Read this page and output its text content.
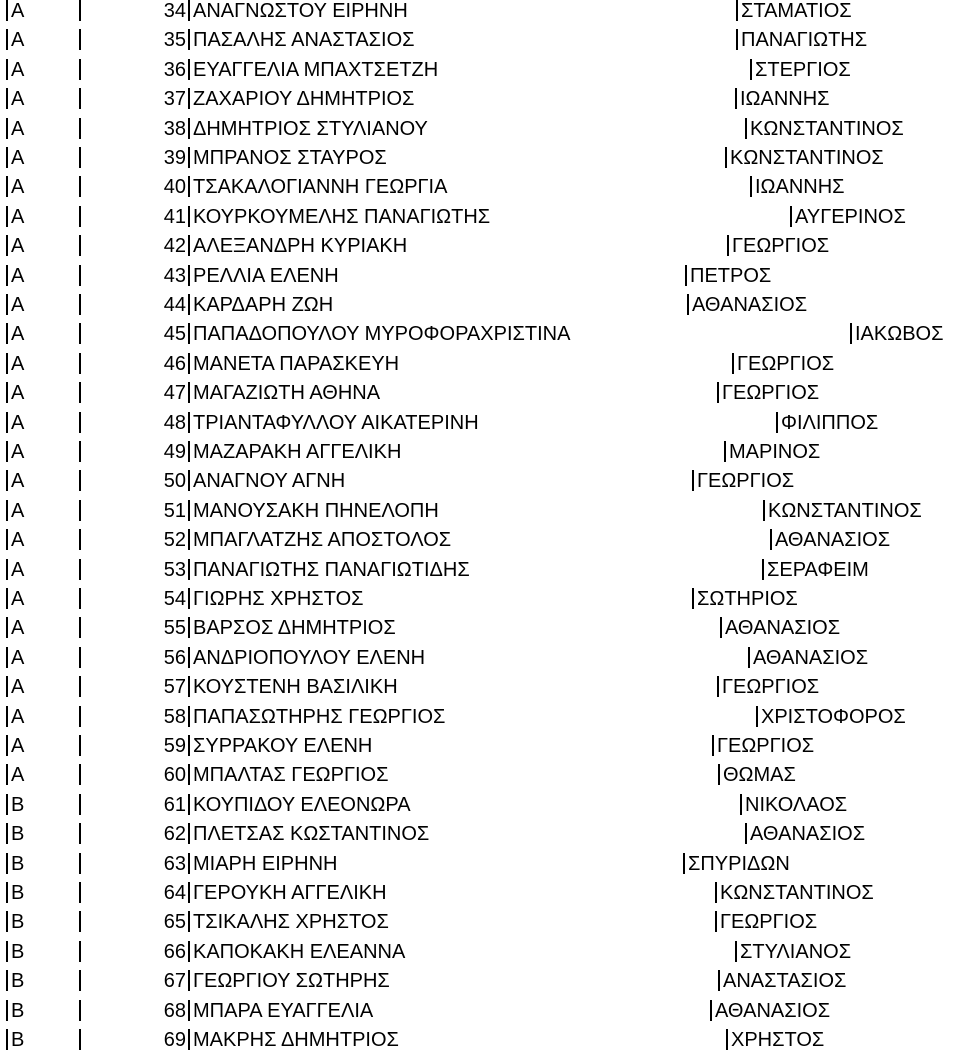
Α	34 ΑΝΑΓΝΩΣΤΟΥ ΕΙΡΗΝΗ	ΣΤΑΜΑΤΙΟΣ
Α	35 ΠΑΣΑΛΗΣ ΑΝΑΣΤΑΣΙΟΣ	ΠΑΝΑΓΙΩΤΗΣ
Α	36 ΕΥΑΓΓΕΛΙΑ ΜΠΑΧΤΣΕΤΖΗ	ΣΤΕΡΓΙΟΣ
Α	37 ΖΑΧΑΡΙΟΥ ΔΗΜΗΤΡΙΟΣ	ΙΩΑΝΝΗΣ
Α	38 ΔΗΜΗΤΡΙΟΣ ΣΤΥΛΙΑΝΟΥ	ΚΩΝΣΤΑΝΤΙΝΟΣ
Α	39 ΜΠΡΑΝΟΣ ΣΤΑΥΡΟΣ	ΚΩΝΣΤΑΝΤΙΝΟΣ
Α	40 ΤΣΑΚΑΛΟΓΙΑΝΝΗ ΓΕΩΡΓΙΑ	ΙΩΑΝΝΗΣ
Α	41 ΚΟΥΡΚΟΥΜΕΛΗΣ ΠΑΝΑΓΙΩΤΗΣ	ΑΥΓΕΡΙΝΟΣ
Α	42 ΑΛΕΞΑΝΔΡΗ ΚΥΡΙΑΚΗ	ΓΕΩΡΓΙΟΣ
Α	43 ΡΕΛΛΙΑ ΕΛΕΝΗ	ΠΕΤΡΟΣ
Α	44 ΚΑΡΔΑΡΗ ΖΩΗ	ΑΘΑΝΑΣΙΟΣ
Α	45 ΠΑΠΑΔΟΠΟΥΛΟΥ ΜΥΡΟΦΟΡΑΧΡΙΣΤΙΝΑ	ΙΑΚΩΒΟΣ
Α	46 ΜΑΝΕΤΑ ΠΑΡΑΣΚΕΥΗ	ΓΕΩΡΓΙΟΣ
Α	47 ΜΑΓΑΖΙΩΤΗ ΑΘΗΝΑ	ΓΕΩΡΓΙΟΣ
Α	48 ΤΡΙΑΝΤΑΦΥΛΛΟΥ ΑΙΚΑΤΕΡΙΝΗ	ΦΙΛΙΠΠΟΣ
Α	49 ΜΑΖΑΡΑΚΗ ΑΓΓΕΛΙΚΗ	ΜΑΡΙΝΟΣ
Α	50 ΑΝΑΓΝΟΥ ΑΓΝΗ	ΓΕΩΡΓΙΟΣ
Α	51 ΜΑΝΟΥΣΑΚΗ ΠΗΝΕΛΟΠΗ	ΚΩΝΣΤΑΝΤΙΝΟΣ
Α	52 ΜΠΑΓΛΑΤΖΗΣ ΑΠΟΣΤΟΛΟΣ	ΑΘΑΝΑΣΙΟΣ
Α	53 ΠΑΝΑΓΙΩΤΗΣ ΠΑΝΑΓΙΩΤΙΔΗΣ	ΣΕΡΑΦΕΙΜ
Α	54 ΓΙΩΡΗΣ ΧΡΗΣΤΟΣ	ΣΩΤΗΡΙΟΣ
Α	55 ΒΑΡΣΟΣ ΔΗΜΗΤΡΙΟΣ	ΑΘΑΝΑΣΙΟΣ
Α	56 ΑΝΔΡΙΟΠΟΥΛΟΥ ΕΛΕΝΗ	ΑΘΑΝΑΣΙΟΣ
Α	57 ΚΟΥΣΤΕΝΗ ΒΑΣΙΛΙΚΗ	ΓΕΩΡΓΙΟΣ
Α	58 ΠΑΠΑΣΩΤΗΡΗΣ ΓΕΩΡΓΙΟΣ	ΧΡΙΣΤΟΦΟΡΟΣ
Α	59 ΣΥΡΡΑΚΟΥ ΕΛΕΝΗ	ΓΕΩΡΓΙΟΣ
Α	60 ΜΠΑΛΤΑΣ ΓΕΩΡΓΙΟΣ	ΘΩΜΑΣ
Β	61 ΚΟΥΠΙΔΟΥ ΕΛΕΟΝΩΡΑ	ΝΙΚΟΛΑΟΣ
Β	62 ΠΛΕΤΣΑΣ ΚΩΣΤΑΝΤΙΝΟΣ	ΑΘΑΝΑΣΙΟΣ
Β	63 ΜΙΑΡΗ ΕΙΡΗΝΗ	ΣΠΥΡΙΔΩΝ
Β	64 ΓΕΡΟΥΚΗ ΑΓΓΕΛΙΚΗ	ΚΩΝΣΤΑΝΤΙΝΟΣ
Β	65 ΤΣΙΚΑΛΗΣ ΧΡΗΣΤΟΣ	ΓΕΩΡΓΙΟΣ
Β	66 ΚΑΠΟΚΑΚΗ ΕΛΕΑΝΝΑ	ΣΤΥΛΙΑΝΟΣ
Β	67 ΓΕΩΡΓΙΟΥ ΣΩΤΗΡΗΣ	ΑΝΑΣΤΑΣΙΟΣ
Β	68 ΜΠΑΡΑ ΕΥΑΓΓΕΛΙΑ	ΑΘΑΝΑΣΙΟΣ
Β	69 ΜΑΚΡΗΣ ΔΗΜΗΤΡΙΟΣ	ΧΡΗΣΤΟΣ
